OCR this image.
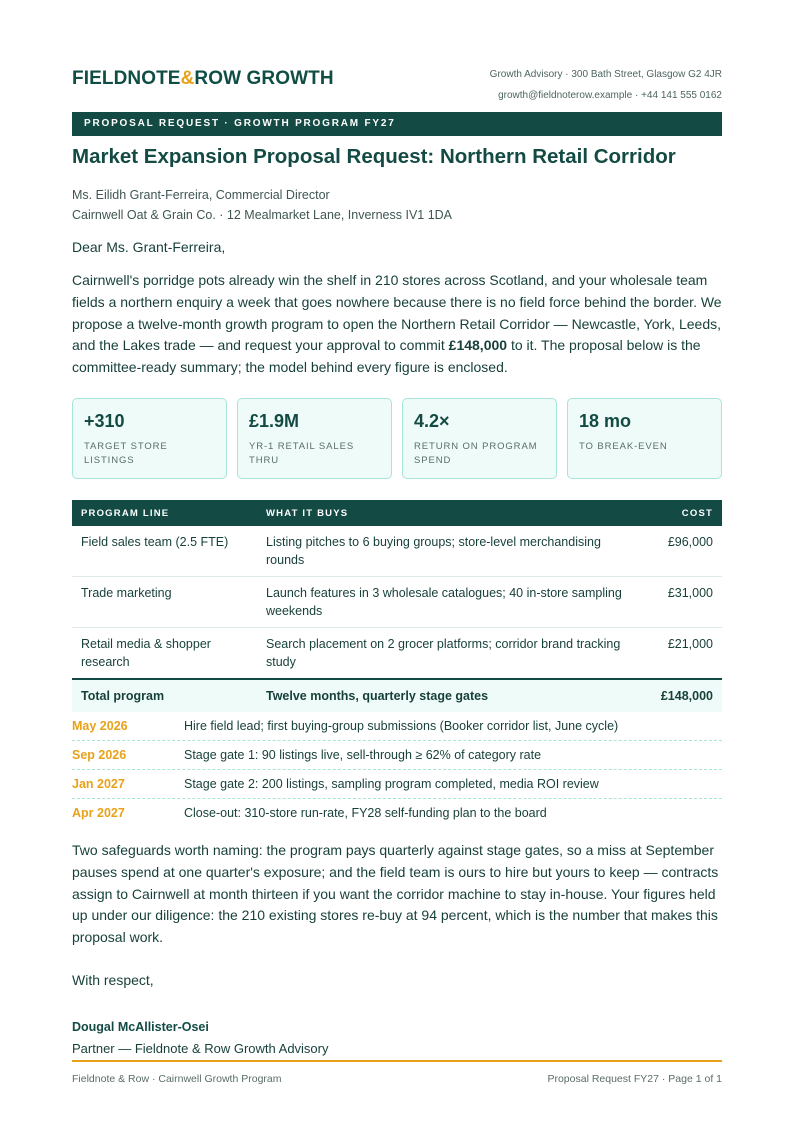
FIELDNOTE&ROW GROWTH	Growth Advisory · 300 Bath Street, Glasgow G2 4JR
growth@fieldnoterow.example · +44 141 555 0162
PROPOSAL REQUEST · GROWTH PROGRAM FY27
Market Expansion Proposal Request: Northern Retail Corridor
Ms. Eilidh Grant-Ferreira, Commercial Director
Cairnwell Oat & Grain Co. · 12 Mealmarket Lane, Inverness IV1 1DA
Dear Ms. Grant-Ferreira,
Cairnwell's porridge pots already win the shelf in 210 stores across Scotland, and your wholesale team fields a northern enquiry a week that goes nowhere because there is no field force behind the border. We propose a twelve-month growth program to open the Northern Retail Corridor — Newcastle, York, Leeds, and the Lakes trade — and request your approval to commit £148,000 to it. The proposal below is the committee-ready summary; the model behind every figure is enclosed.
+310
TARGET STORE LISTINGS
£1.9M
YR-1 RETAIL SALES THRU
4.2×
RETURN ON PROGRAM SPEND
18 mo
TO BREAK-EVEN
PROGRAM LINE	WHAT IT BUYS	COST
Field sales team (2.5 FTE)	Listing pitches to 6 buying groups; store-level merchandising rounds	£96,000
Trade marketing	Launch features in 3 wholesale catalogues; 40 in-store sampling weekends	£31,000
Retail media & shopper research	Search placement on 2 grocer platforms; corridor brand tracking study	£21,000
Total program	Twelve months, quarterly stage gates	£148,000
May 2026	Hire field lead; first buying-group submissions (Booker corridor list, June cycle)
Sep 2026	Stage gate 1: 90 listings live, sell-through ≥ 62% of category rate
Jan 2027	Stage gate 2: 200 listings, sampling program completed, media ROI review
Apr 2027	Close-out: 310-store run-rate, FY28 self-funding plan to the board
Two safeguards worth naming: the program pays quarterly against stage gates, so a miss at September pauses spend at one quarter's exposure; and the field team is ours to hire but yours to keep — contracts assign to Cairnwell at month thirteen if you want the corridor machine to stay in-house. Your figures held up under our diligence: the 210 existing stores re-buy at 94 percent, which is the number that makes this proposal work.
With respect,
Dougal McAllister-Osei
Partner — Fieldnote & Row Growth Advisory
Fieldnote & Row · Cairnwell Growth Program	Proposal Request FY27 · Page 1 of 1
